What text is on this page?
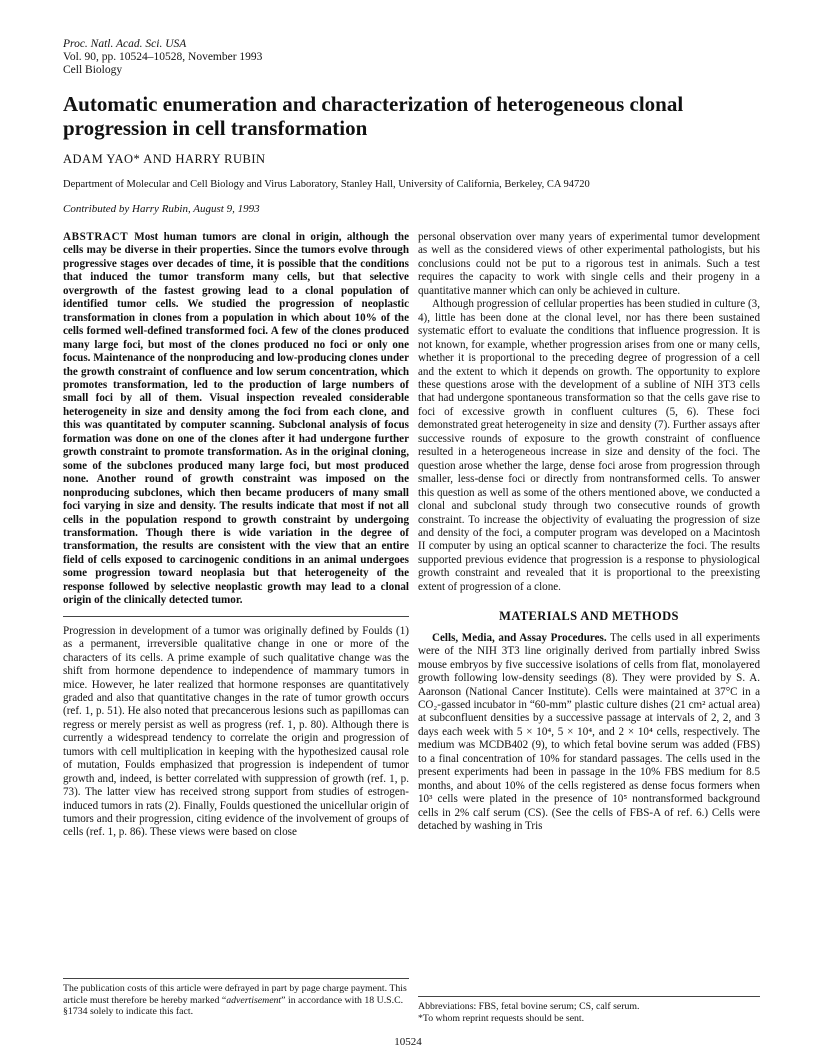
Proc. Natl. Acad. Sci. USA
Vol. 90, pp. 10524–10528, November 1993
Cell Biology
Automatic enumeration and characterization of heterogeneous clonal progression in cell transformation
ADAM YAO* AND HARRY RUBIN
Department of Molecular and Cell Biology and Virus Laboratory, Stanley Hall, University of California, Berkeley, CA 94720
Contributed by Harry Rubin, August 9, 1993
ABSTRACT Most human tumors are clonal in origin, although the cells may be diverse in their properties. Since the tumors evolve through progressive stages over decades of time, it is possible that the conditions that induced the tumor transform many cells, but that selective overgrowth of the fastest growing lead to a clonal population of identified tumor cells. We studied the progression of neoplastic transformation in clones from a population in which about 10% of the cells formed well-defined transformed foci. A few of the clones produced many large foci, but most of the clones produced no foci or only one focus. Maintenance of the nonproducing and low-producing clones under the growth constraint of confluence and low serum concentration, which promotes transformation, led to the production of large numbers of small foci by all of them. Visual inspection revealed considerable heterogeneity in size and density among the foci from each clone, and this was quantitated by computer scanning. Subclonal analysis of focus formation was done on one of the clones after it had undergone further growth constraint to promote transformation. As in the original cloning, some of the subclones produced many large foci, but most produced none. Another round of growth constraint was imposed on the nonproducing subclones, which then became producers of many small foci varying in size and density. The results indicate that most if not all cells in the population respond to growth constraint by undergoing transformation. Though there is wide variation in the degree of transformation, the results are consistent with the view that an entire field of cells exposed to carcinogenic conditions in an animal undergoes some progression toward neoplasia but that heterogeneity of the response followed by selective neoplastic growth may lead to a clonal origin of the clinically detected tumor.

Progression in development of a tumor was originally defined by Foulds (1) as a permanent, irreversible qualitative change in one or more of the characters of its cells. A prime example of such qualitative change was the shift from hormone dependence to independence of mammary tumors in mice. However, he later realized that hormone responses are quantitatively graded and also that quantitative changes in the rate of tumor growth occurs (ref. 1, p. 51). He also noted that precancerous lesions such as papillomas can regress or merely persist as well as progress (ref. 1, p. 80). Although there is currently a widespread tendency to correlate the origin and progression of tumors with cell multiplication in keeping with the hypothesized causal role of mutation, Foulds emphasized that progression is independent of tumor growth and, indeed, is better correlated with suppression of growth (ref. 1, p. 73). The latter view has received strong support from studies of estrogen-induced tumors in rats (2). Finally, Foulds questioned the unicellular origin of tumors and their progression, citing evidence of the involvement of groups of cells (ref. 1, p. 86). These views were based on close

personal observation over many years of experimental tumor development as well as the considered views of other experimental pathologists, but his conclusions could not be put to a rigorous test in animals. Such a test requires the capacity to work with single cells and their progeny in a quantitative manner which can only be achieved in culture.

Although progression of cellular properties has been studied in culture (3, 4), little has been done at the clonal level, nor has there been sustained systematic effort to evaluate the conditions that influence progression. It is not known, for example, whether progression arises from one or many cells, whether it is proportional to the preceding degree of progression of a cell and the extent to which it depends on growth. The opportunity to explore these questions arose with the development of a subline of NIH 3T3 cells that had undergone spontaneous transformation so that the cells gave rise to foci of excessive growth in confluent cultures (5, 6). These foci demonstrated great heterogeneity in size and density (7). Further assays after successive rounds of exposure to the growth constraint of confluence resulted in a heterogeneous increase in size and density of the foci. The question arose whether the large, dense foci arose from progression through smaller, less-dense foci or directly from nontransformed cells. To answer this question as well as some of the others mentioned above, we conducted a clonal and subclonal study through two consecutive rounds of growth constraint. To increase the objectivity of evaluating the progression of size and density of the foci, a computer program was developed on a Macintosh II computer by using an optical scanner to characterize the foci. The results supported previous evidence that progression is a response to physiological growth constraint and revealed that it is proportional to the preexisting extent of progression of a clone.

MATERIALS AND METHODS

Cells, Media, and Assay Procedures. The cells used in all experiments were of the NIH 3T3 line originally derived from partially inbred Swiss mouse embryos by five successive isolations of cells from flat, monolayered growth following low-density seedings (8). They were provided by S. A. Aaronson (National Cancer Institute). Cells were maintained at 37°C in a CO₂-gassed incubator in “60-mm” plastic culture dishes (21 cm² actual area) at subconfluent densities by a successive passage at intervals of 2, 2, and 3 days each week with 5 × 10⁴, 5 × 10⁴, and 2 × 10⁴ cells, respectively. The medium was MCDB402 (9), to which fetal bovine serum was added (FBS) to a final concentration of 10% for standard passages. The cells used in the present experiments had been in passage in the 10% FBS medium for 8.5 months, and about 10% of the cells registered as dense focus formers when 10³ cells were plated in the presence of 10⁵ nontransformed background cells in 2% calf serum (CS). (See the cells of FBS-A of ref. 6.) Cells were detached by washing in Tris

The publication costs of this article were defrayed in part by page charge payment. This article must therefore be hereby marked “advertisement” in accordance with 18 U.S.C. §1734 solely to indicate this fact.	Abbreviations: FBS, fetal bovine serum; CS, calf serum.
*To whom reprint requests should be sent.
10524
